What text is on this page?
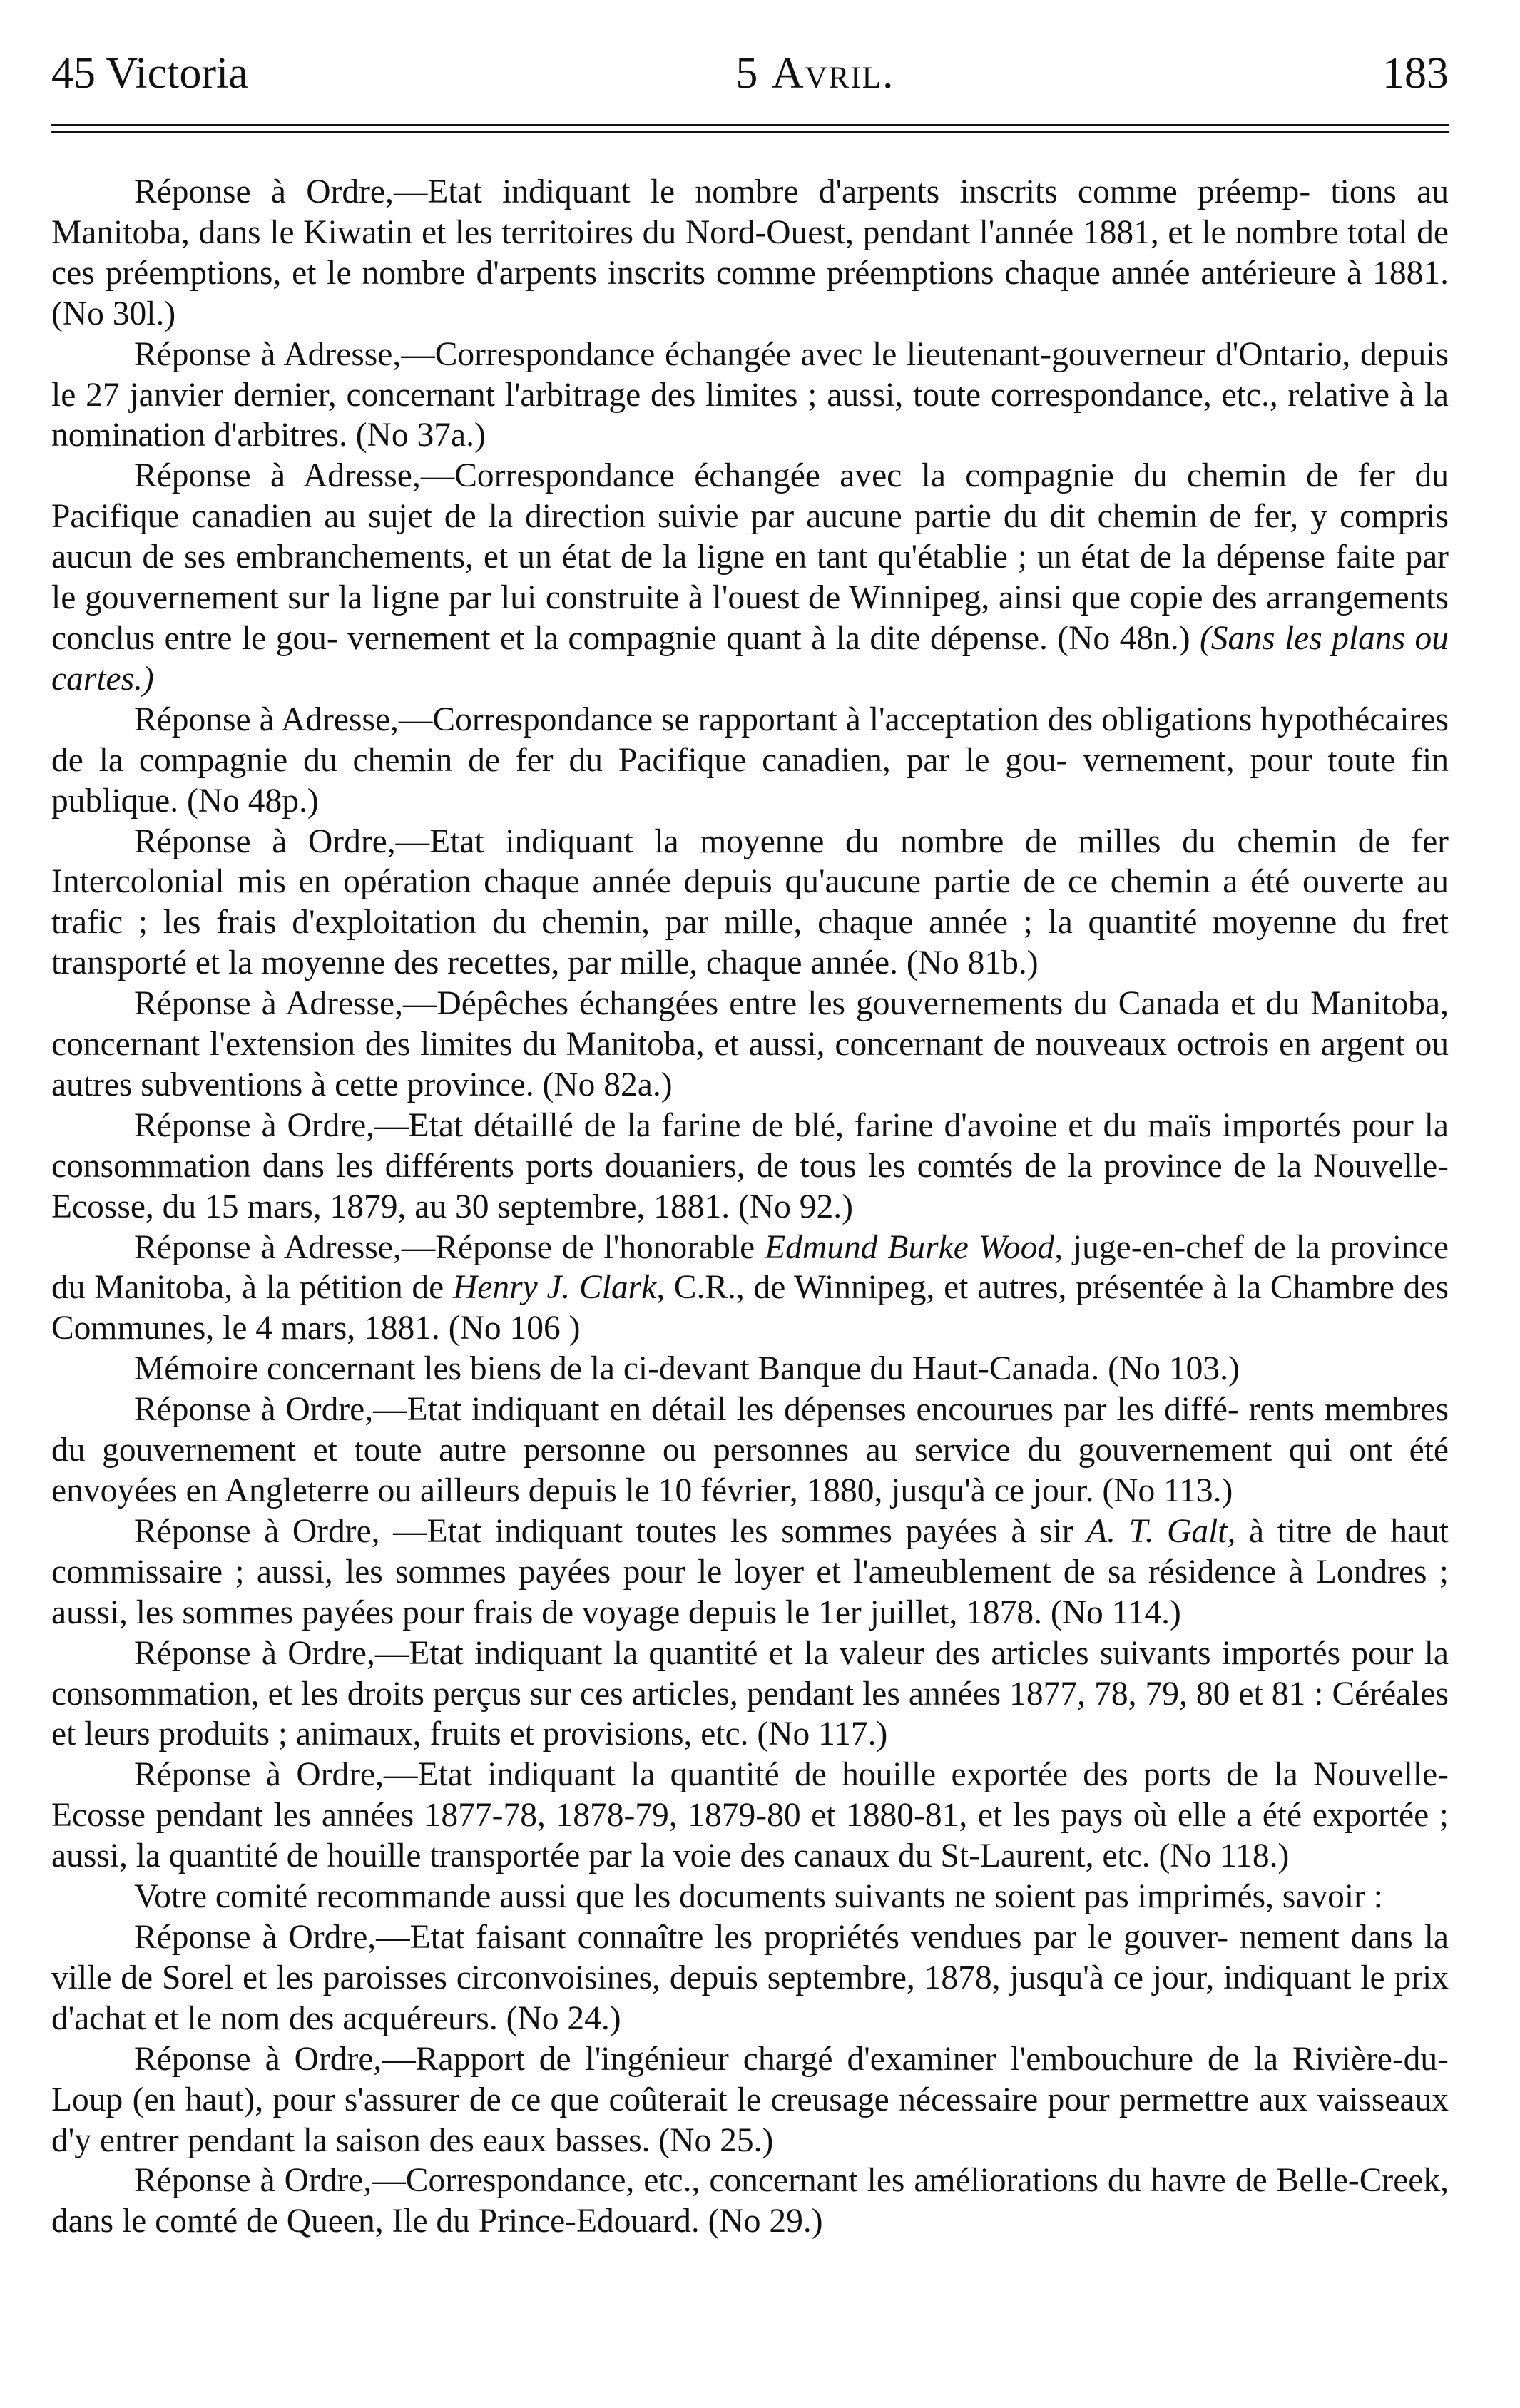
45 Victoria	5 Avril.	183

Réponse à Ordre,—Etat indiquant le nombre d'arpents inscrits comme préemp- tions au Manitoba, dans le Kiwatin et les territoires du Nord-Ouest, pendant l'année 1881, et le nombre total de ces préemptions, et le nombre d'arpents inscrits comme préemptions chaque année antérieure à 1881. (No 30l.)

Réponse à Adresse,—Correspondance échangée avec le lieutenant-gouverneur d'Ontario, depuis le 27 janvier dernier, concernant l'arbitrage des limites ; aussi, toute correspondance, etc., relative à la nomination d'arbitres. (No 37a.)

Réponse à Adresse,—Correspondance échangée avec la compagnie du chemin de fer du Pacifique canadien au sujet de la direction suivie par aucune partie du dit chemin de fer, y compris aucun de ses embranchements, et un état de la ligne en tant qu'établie ; un état de la dépense faite par le gouvernement sur la ligne par lui construite à l'ouest de Winnipeg, ainsi que copie des arrangements conclus entre le gou- vernement et la compagnie quant à la dite dépense. (No 48n.) (Sans les plans ou cartes.)

Réponse à Adresse,—Correspondance se rapportant à l'acceptation des obligations hypothécaires de la compagnie du chemin de fer du Pacifique canadien, par le gou- vernement, pour toute fin publique. (No 48p.)

Réponse à Ordre,—Etat indiquant la moyenne du nombre de milles du chemin de fer Intercolonial mis en opération chaque année depuis qu'aucune partie de ce chemin a été ouverte au trafic ; les frais d'exploitation du chemin, par mille, chaque année ; la quantité moyenne du fret transporté et la moyenne des recettes, par mille, chaque année. (No 81b.)

Réponse à Adresse,—Dépêches échangées entre les gouvernements du Canada et du Manitoba, concernant l'extension des limites du Manitoba, et aussi, concernant de nouveaux octrois en argent ou autres subventions à cette province. (No 82a.)

Réponse à Ordre,—Etat détaillé de la farine de blé, farine d'avoine et du maïs importés pour la consommation dans les différents ports douaniers, de tous les comtés de la province de la Nouvelle-Ecosse, du 15 mars, 1879, au 30 septembre, 1881. (No 92.)

Réponse à Adresse,—Réponse de l'honorable Edmund Burke Wood, juge-en-chef de la province du Manitoba, à la pétition de Henry J. Clark, C.R., de Winnipeg, et autres, présentée à la Chambre des Communes, le 4 mars, 1881. (No 106 )

Mémoire concernant les biens de la ci-devant Banque du Haut-Canada. (No 103.)

Réponse à Ordre,—Etat indiquant en détail les dépenses encourues par les diffé- rents membres du gouvernement et toute autre personne ou personnes au service du gouvernement qui ont été envoyées en Angleterre ou ailleurs depuis le 10 février, 1880, jusqu'à ce jour. (No 113.)

Réponse à Ordre, —Etat indiquant toutes les sommes payées à sir A. T. Galt, à titre de haut commissaire ; aussi, les sommes payées pour le loyer et l'ameublement de sa résidence à Londres ; aussi, les sommes payées pour frais de voyage depuis le 1er juillet, 1878. (No 114.)

Réponse à Ordre,—Etat indiquant la quantité et la valeur des articles suivants importés pour la consommation, et les droits perçus sur ces articles, pendant les années 1877, 78, 79, 80 et 81 : Céréales et leurs produits ; animaux, fruits et provisions, etc. (No 117.)

Réponse à Ordre,—Etat indiquant la quantité de houille exportée des ports de la Nouvelle-Ecosse pendant les années 1877-78, 1878-79, 1879-80 et 1880-81, et les pays où elle a été exportée ; aussi, la quantité de houille transportée par la voie des canaux du St-Laurent, etc. (No 118.)

Votre comité recommande aussi que les documents suivants ne soient pas imprimés, savoir :

Réponse à Ordre,—Etat faisant connaître les propriétés vendues par le gouver- nement dans la ville de Sorel et les paroisses circonvoisines, depuis septembre, 1878, jusqu'à ce jour, indiquant le prix d'achat et le nom des acquéreurs. (No 24.)

Réponse à Ordre,—Rapport de l'ingénieur chargé d'examiner l'embouchure de la Rivière-du-Loup (en haut), pour s'assurer de ce que coûterait le creusage nécessaire pour permettre aux vaisseaux d'y entrer pendant la saison des eaux basses. (No 25.)

Réponse à Ordre,—Correspondance, etc., concernant les améliorations du havre de Belle-Creek, dans le comté de Queen, Ile du Prince-Edouard. (No 29.)
